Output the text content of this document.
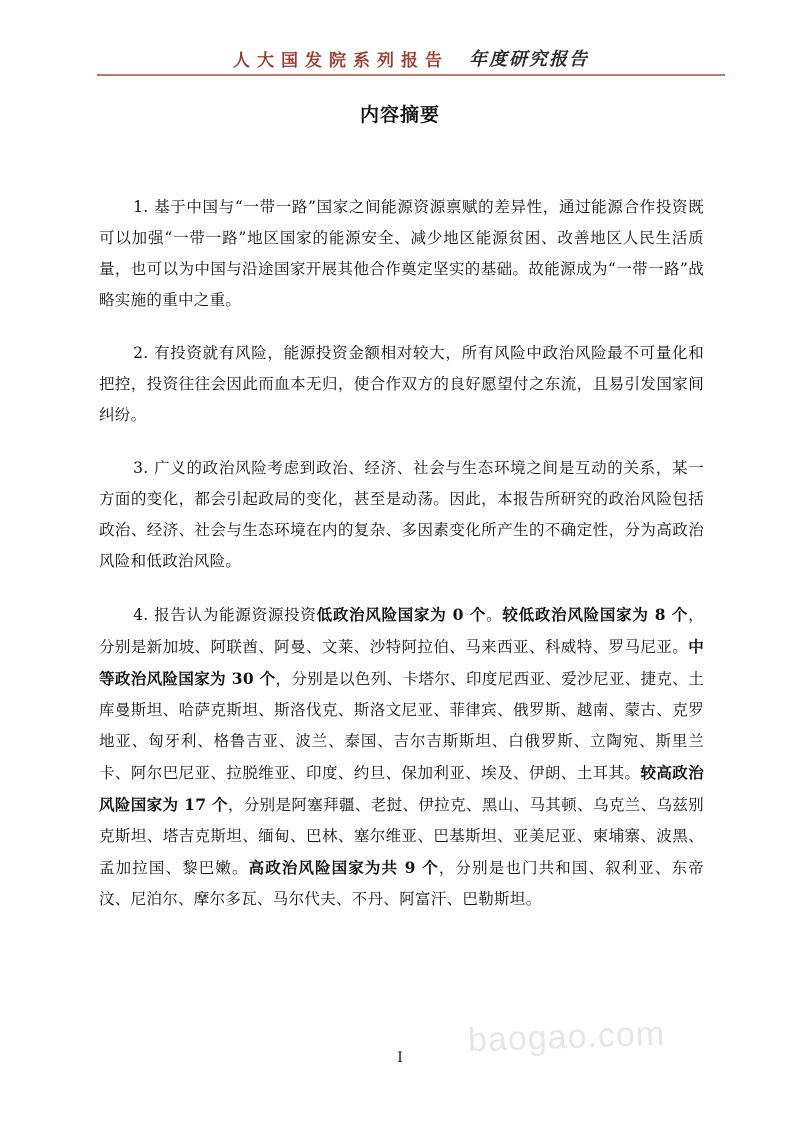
人大国发院系列报告 年度研究报告
内容摘要

1. 基于中国与“一带一路”国家之间能源资源禀赋的差异性，通过能源合作投资既可以加强“一带一路”地区国家的能源安全、减少地区能源贫困、改善地区人民生活质量，也可以为中国与沿途国家开展其他合作奠定坚实的基础。故能源成为“一带一路”战略实施的重中之重。

2. 有投资就有风险，能源投资金额相对较大，所有风险中政治风险最不可量化和把控，投资往往会因此而血本无归，使合作双方的良好愿望付之东流，且易引发国家间纠纷。

3. 广义的政治风险考虑到政治、经济、社会与生态环境之间是互动的关系，某一方面的变化，都会引起政局的变化，甚至是动荡。因此，本报告所研究的政治风险包括政治、经济、社会与生态环境在内的复杂、多因素变化所产生的不确定性，分为高政治风险和低政治风险。

4. 报告认为能源资源投资低政治风险国家为 0 个。较低政治风险国家为 8 个，分别是新加坡、阿联酋、阿曼、文莱、沙特阿拉伯、马来西亚、科威特、罗马尼亚。中等政治风险国家为 30 个，分别是以色列、卡塔尔、印度尼西亚、爱沙尼亚、捷克、土库曼斯坦、哈萨克斯坦、斯洛伐克、斯洛文尼亚、菲律宾、俄罗斯、越南、蒙古、克罗地亚、匈牙利、格鲁吉亚、波兰、泰国、吉尔吉斯斯坦、白俄罗斯、立陶宛、斯里兰卡、阿尔巴尼亚、拉脱维亚、印度、约旦、保加利亚、埃及、伊朗、土耳其。较高政治风险国家为 17 个，分别是阿塞拜疆、老挝、伊拉克、黑山、马其顿、乌克兰、乌兹别克斯坦、塔吉克斯坦、缅甸、巴林、塞尔维亚、巴基斯坦、亚美尼亚、柬埔寨、波黑、孟加拉国、黎巴嫩。高政治风险国家为共 9 个，分别是也门共和国、叙利亚、东帝汶、尼泊尔、摩尔多瓦、马尔代夫、不丹、阿富汗、巴勒斯坦。

baogao.com
I
